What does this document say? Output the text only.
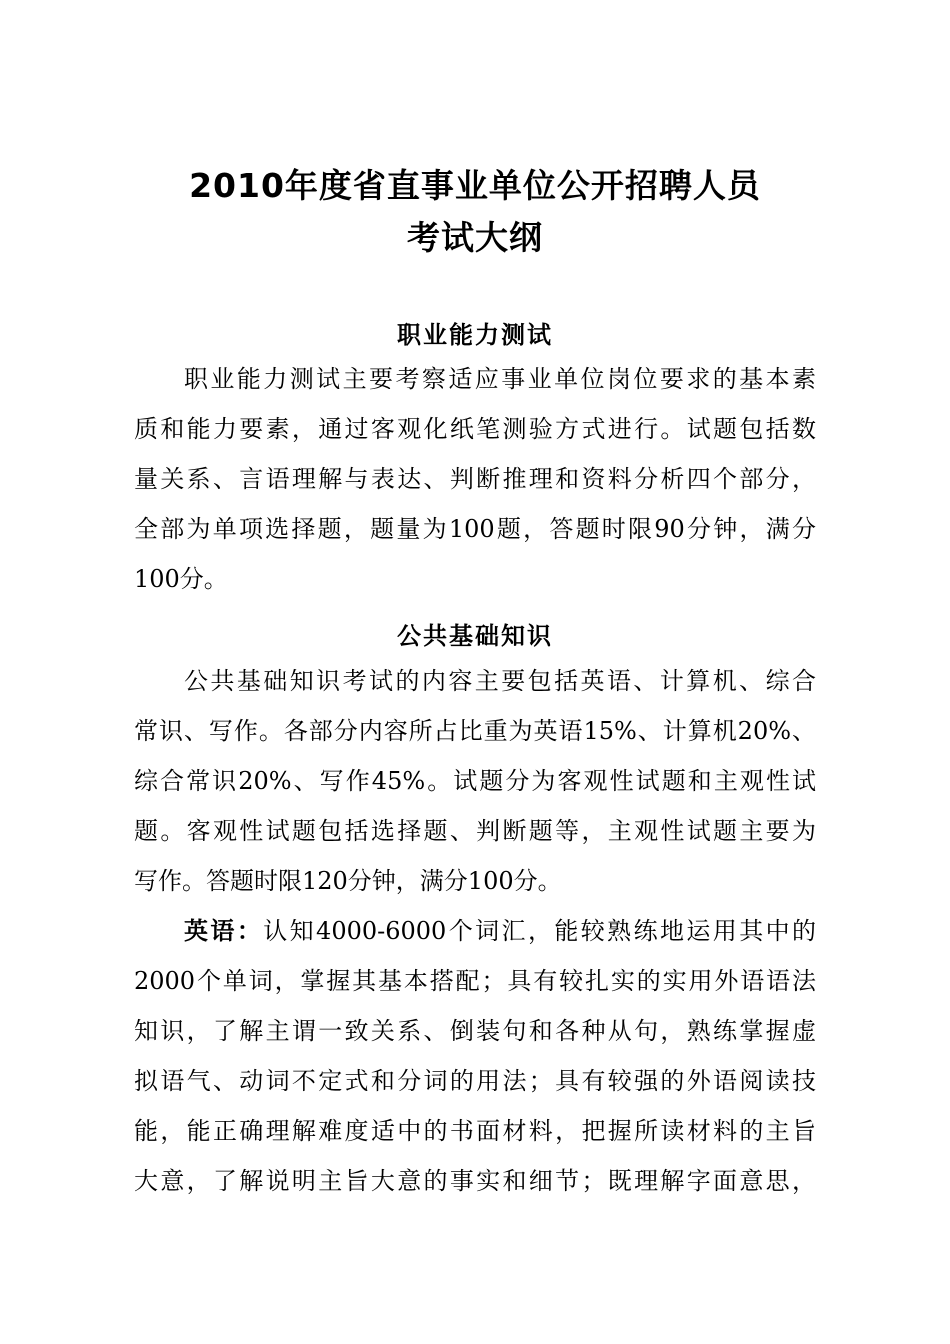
2010年度省直事业单位公开招聘人员
考试大纲
职业能力测试
职业能力测试主要考察适应事业单位岗位要求的基本素
质和能力要素，通过客观化纸笔测验方式进行。试题包括数
量关系、言语理解与表达、判断推理和资料分析四个部分，
全部为单项选择题，题量为100题，答题时限90分钟，满分
100分。
公共基础知识
公共基础知识考试的内容主要包括英语、计算机、综合
常识、写作。各部分内容所占比重为英语15%、计算机20%、
综合常识20%、写作45%。试题分为客观性试题和主观性试
题。客观性试题包括选择题、判断题等，主观性试题主要为
写作。答题时限120分钟，满分100分。
英语：认知4000-6000个词汇，能较熟练地运用其中的
2000个单词，掌握其基本搭配；具有较扎实的实用外语语法
知识，了解主谓一致关系、倒装句和各种从句，熟练掌握虚
拟语气、动词不定式和分词的用法；具有较强的外语阅读技
能，能正确理解难度适中的书面材料，把握所读材料的主旨
大意，了解说明主旨大意的事实和细节；既理解字面意思，
